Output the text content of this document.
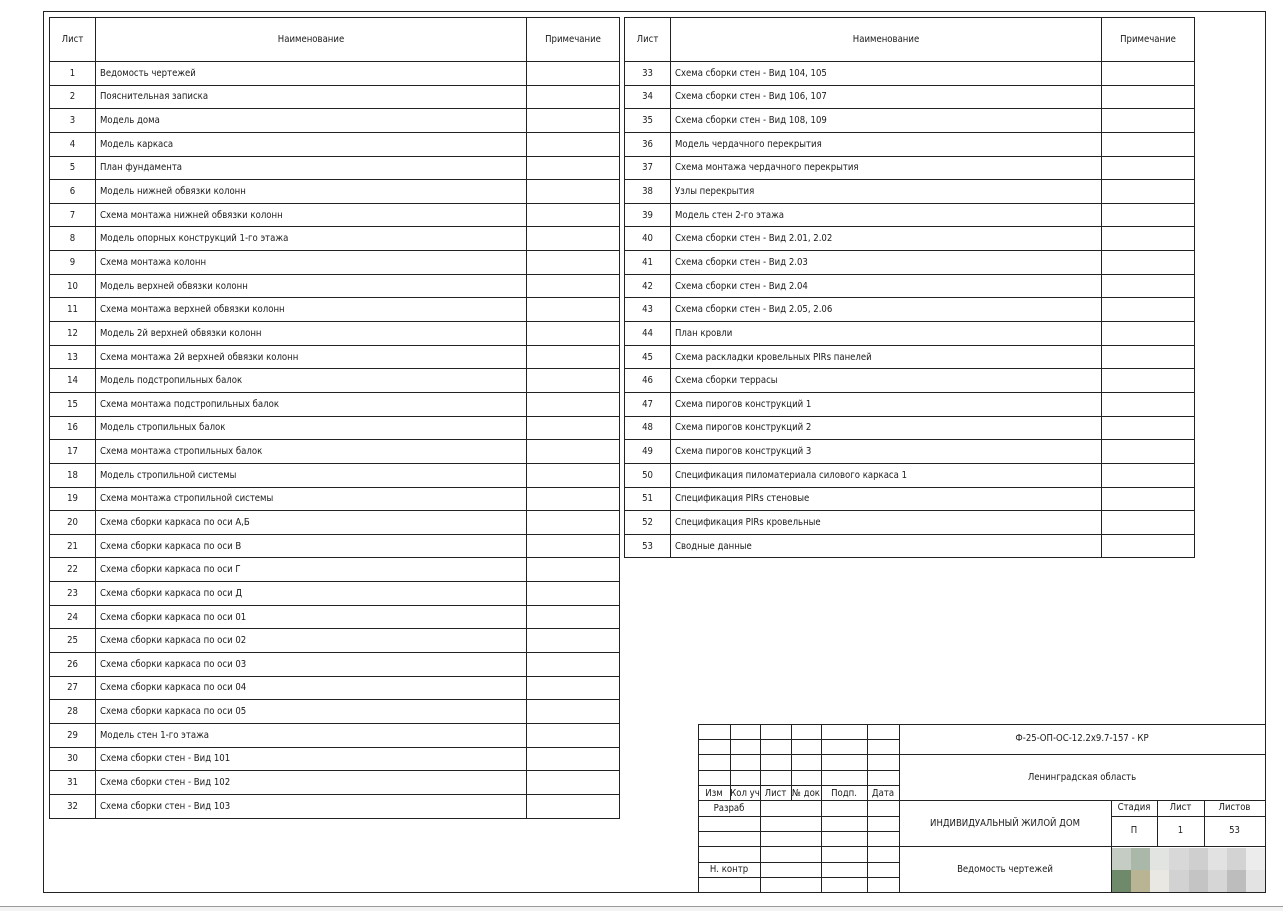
Лист	Наименование	Примечание
1	Ведомость чертежей	
2	Пояснительная записка	
3	Модель дома	
4	Модель каркаса	
5	План фундамента	
6	Модель нижней обвязки колонн	
7	Схема монтажа нижней обвязки колонн	
8	Модель опорных конструкций 1-го этажа	
9	Схема монтажа колонн	
10	Модель верхней обвязки колонн	
11	Схема монтажа верхней обвязки колонн	
12	Модель 2й верхней обвязки колонн	
13	Схема монтажа 2й верхней обвязки колонн	
14	Модель подстропильных балок	
15	Схема монтажа подстропильных балок	
16	Модель стропильных балок	
17	Схема монтажа стропильных балок	
18	Модель стропильной системы	
19	Схема монтажа стропильной системы	
20	Схема сборки каркаса по оси А,Б	
21	Схема сборки каркаса по оси В	
22	Схема сборки каркаса по оси Г	
23	Схема сборки каркаса по оси Д	
24	Схема сборки каркаса по оси 01	
25	Схема сборки каркаса по оси 02	
26	Схема сборки каркаса по оси 03	
27	Схема сборки каркаса по оси 04	
28	Схема сборки каркаса по оси 05	
29	Модель стен 1-го этажа	
30	Схема сборки стен - Вид 101	
31	Схема сборки стен - Вид 102	
32	Схема сборки стен - Вид 103	
Лист	Наименование	Примечание
33	Схема сборки стен - Вид 104, 105	
34	Схема сборки стен - Вид 106, 107	
35	Схема сборки стен - Вид 108, 109	
36	Модель чердачного перекрытия	
37	Схема монтажа чердачного перекрытия	
38	Узлы перекрытия	
39	Модель стен 2-го этажа	
40	Схема сборки стен - Вид 2.01, 2.02	
41	Схема сборки стен - Вид 2.03	
42	Схема сборки стен - Вид 2.04	
43	Схема сборки стен - Вид 2.05, 2.06	
44	План кровли	
45	Схема раскладки кровельных PIRs панелей	
46	Схема сборки террасы	
47	Схема пирогов конструкций 1	
48	Схема пирогов конструкций 2	
49	Схема пирогов конструкций 3	
50	Спецификация пиломатериала силового каркаса 1	
51	Спецификация PIRs стеновые	
52	Спецификация PIRs кровельные	
53	Сводные данные	
Изм Кол уч Лист № док	Подп.	Дата
Разраб
Н. контр
Ф-25-ОП-ОС-12.2х9.7-157 - КР
Ленинградская область
ИНДИВИДУАЛЬНЫЙ ЖИЛОЙ ДОМ
Ведомость чертежей
Стадия	Лист	Листов
П	1	53
